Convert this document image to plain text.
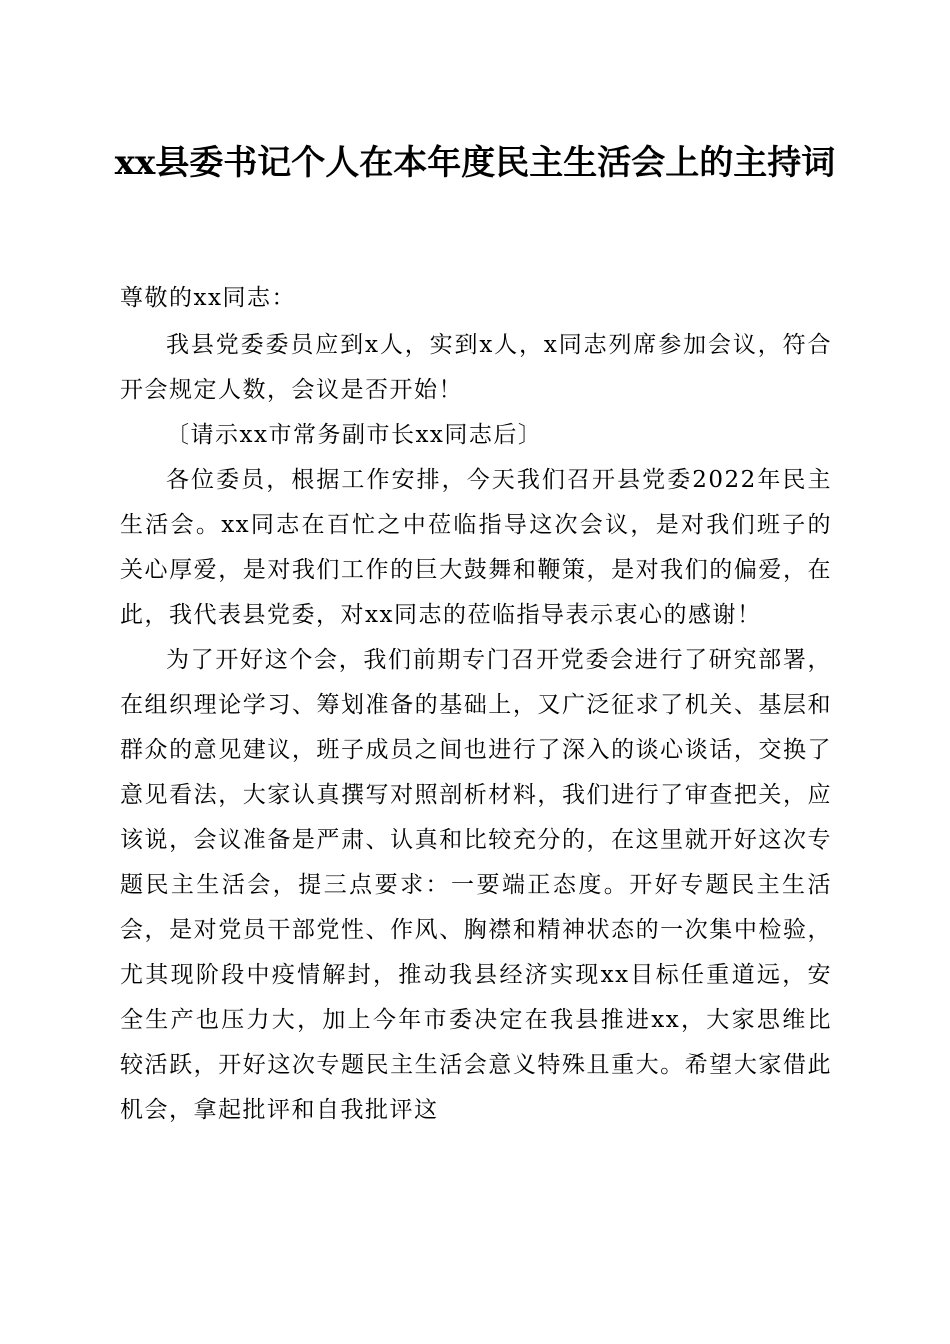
xx县委书记个人在本年度民主生活会上的主持词

尊敬的xx同志：

我县党委委员应到x人，实到x人，x同志列席参加会议，符合开会规定人数，会议是否开始！

〔请示xx市常务副市长xx同志后〕

各位委员，根据工作安排，今天我们召开县党委2022年民主生活会。xx同志在百忙之中莅临指导这次会议，是对我们班子的关心厚爱，是对我们工作的巨大鼓舞和鞭策，是对我们的偏爱，在此，我代表县党委，对xx同志的莅临指导表示衷心的感谢！

为了开好这个会，我们前期专门召开党委会进行了研究部署，在组织理论学习、筹划准备的基础上，又广泛征求了机关、基层和群众的意见建议，班子成员之间也进行了深入的谈心谈话，交换了意见看法，大家认真撰写对照剖析材料，我们进行了审查把关，应该说，会议准备是严肃、认真和比较充分的，在这里就开好这次专题民主生活会，提三点要求：一要端正态度。开好专题民主生活会，是对党员干部党性、作风、胸襟和精神状态的一次集中检验，尤其现阶段中疫情解封，推动我县经济实现xx目标任重道远，安全生产也压力大，加上今年市委决定在我县推进xx，大家思维比较活跃，开好这次专题民主生活会意义特殊且重大。希望大家借此机会，拿起批评和自我批评这
